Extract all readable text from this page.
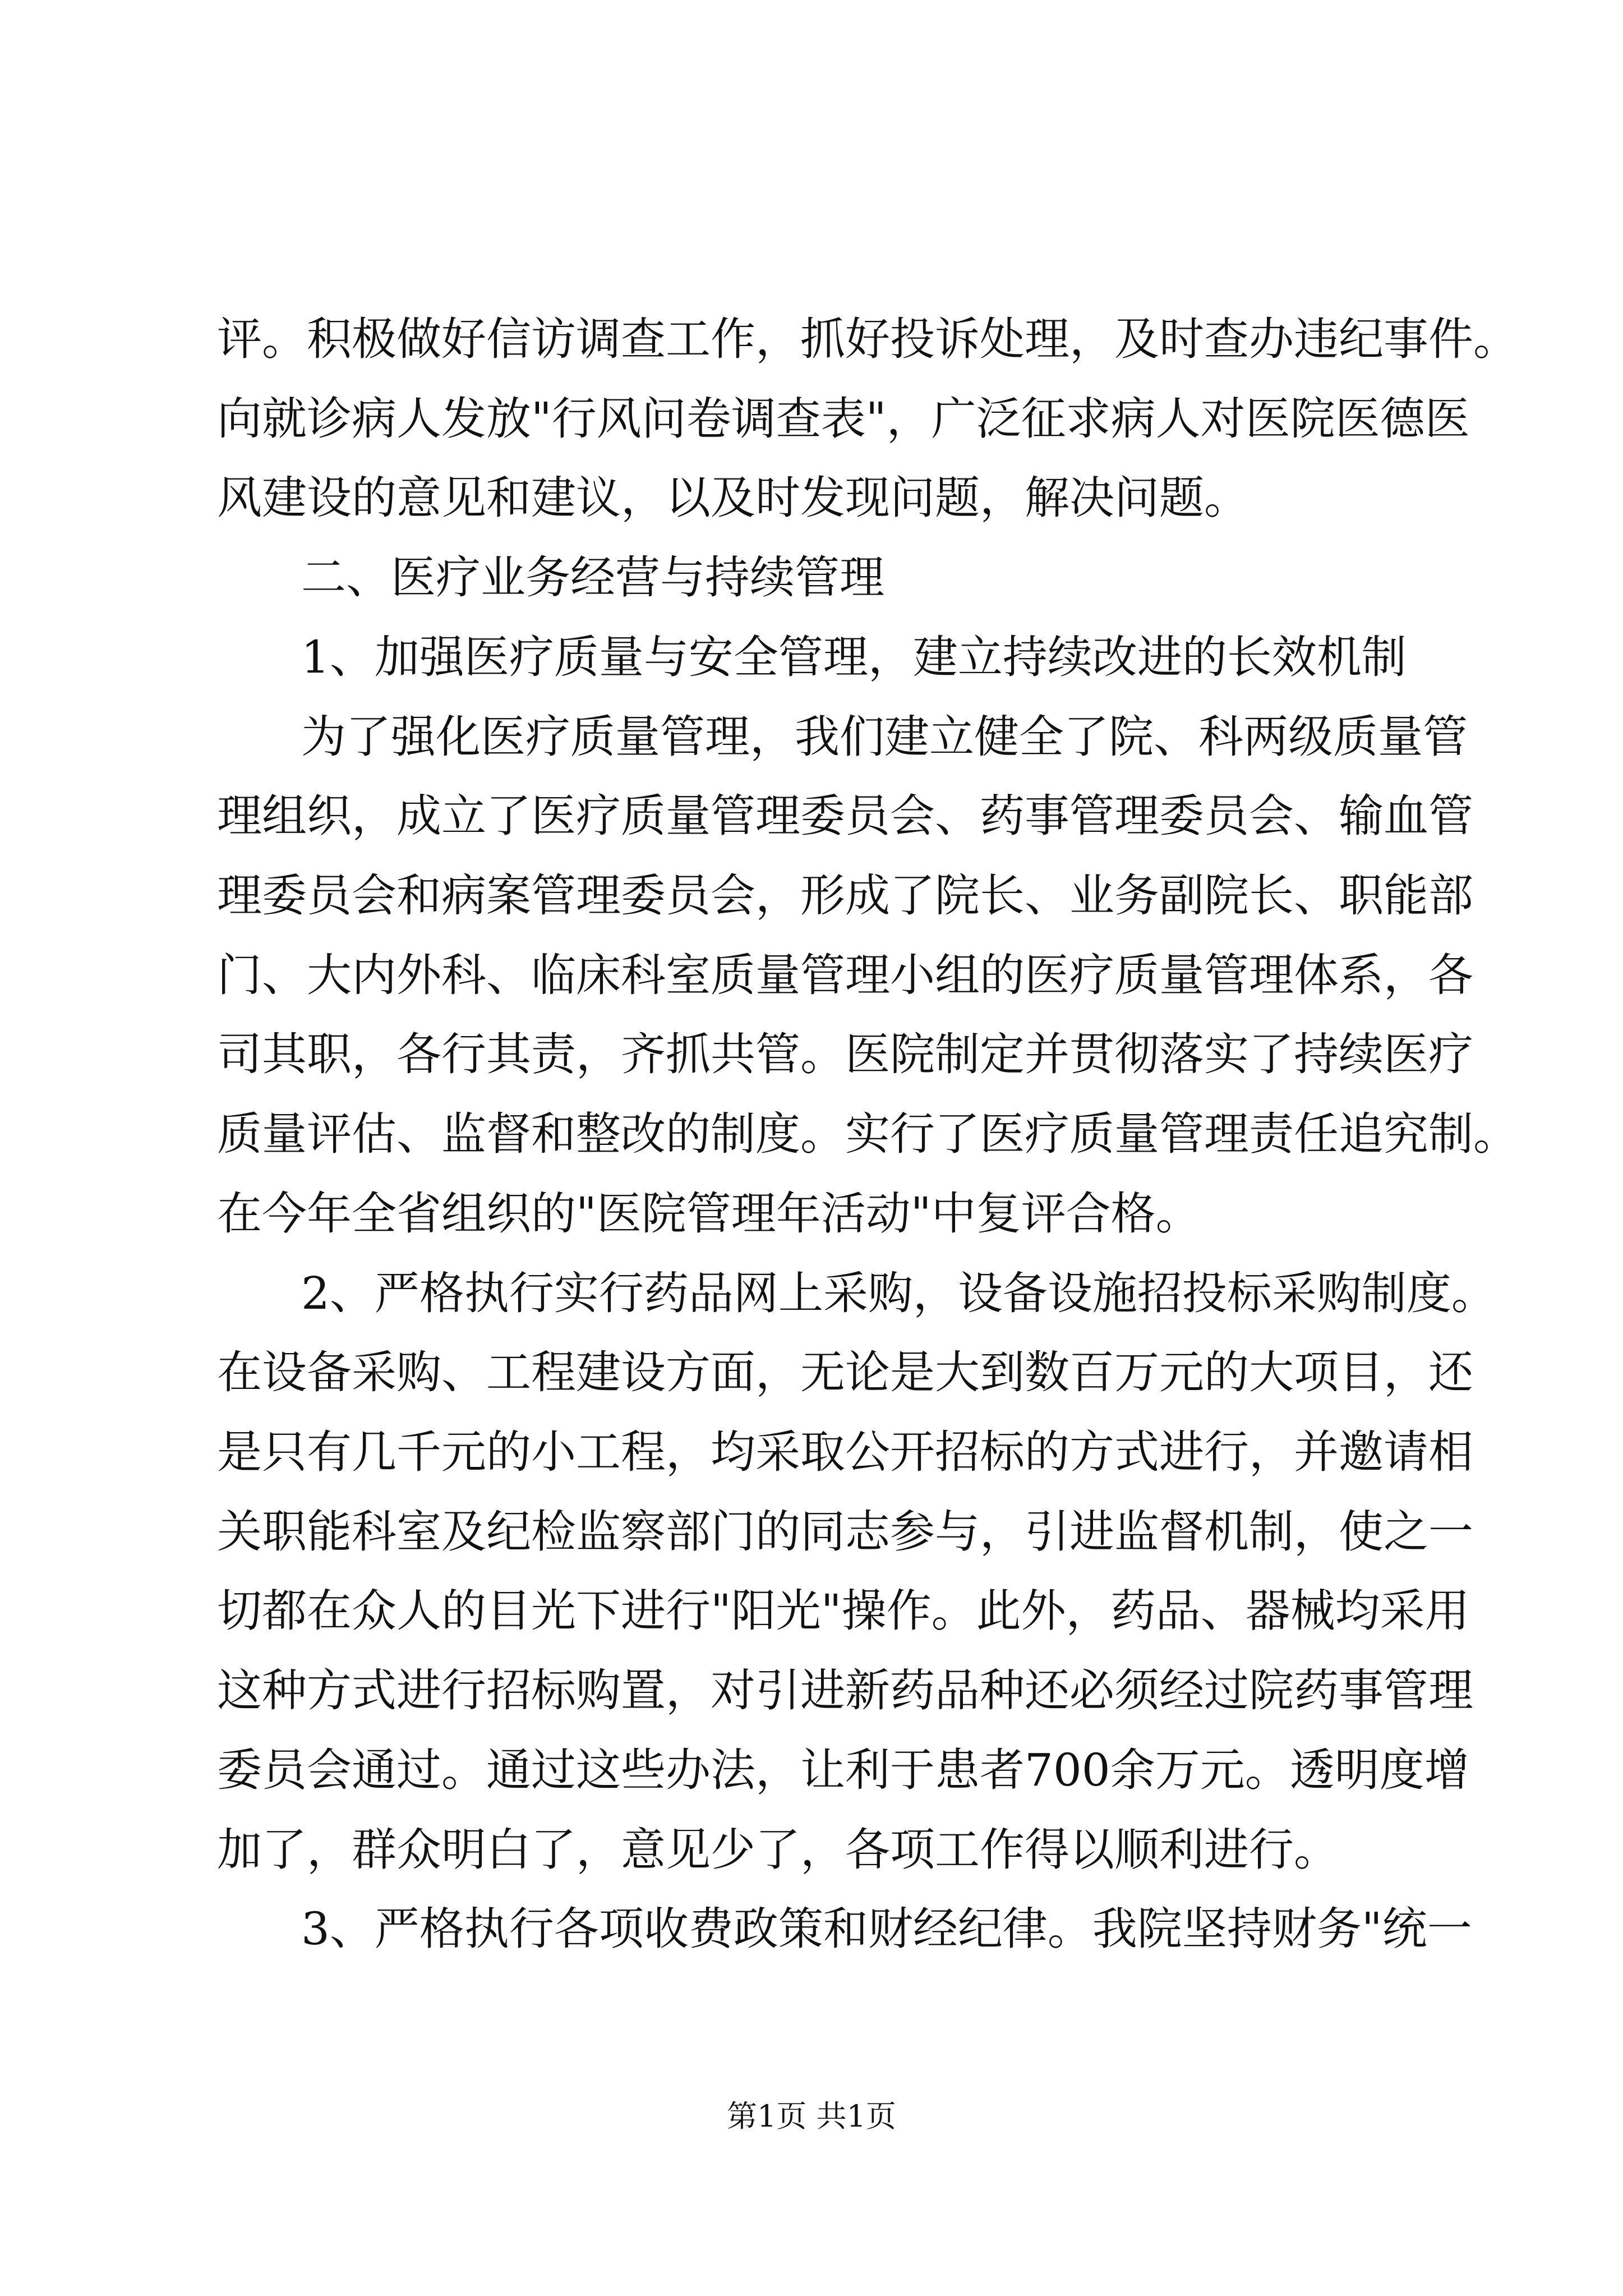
评。积极做好信访调查工作，抓好投诉处理，及时查办违纪事件。
向就诊病人发放"行风问卷调查表"，广泛征求病人对医院医德医
风建设的意见和建议，以及时发现问题，解决问题。
二、医疗业务经营与持续管理
1、加强医疗质量与安全管理，建立持续改进的长效机制
为了强化医疗质量管理，我们建立健全了院、科两级质量管
理组织，成立了医疗质量管理委员会、药事管理委员会、输血管
理委员会和病案管理委员会，形成了院长、业务副院长、职能部
门、大内外科、临床科室质量管理小组的医疗质量管理体系，各
司其职，各行其责，齐抓共管。医院制定并贯彻落实了持续医疗
质量评估、监督和整改的制度。实行了医疗质量管理责任追究制。
在今年全省组织的"医院管理年活动"中复评合格。
2、严格执行实行药品网上采购，设备设施招投标采购制度。
在设备采购、工程建设方面，无论是大到数百万元的大项目，还
是只有几千元的小工程，均采取公开招标的方式进行，并邀请相
关职能科室及纪检监察部门的同志参与，引进监督机制，使之一
切都在众人的目光下进行"阳光"操作。此外，药品、器械均采用
这种方式进行招标购置，对引进新药品种还必须经过院药事管理
委员会通过。通过这些办法，让利于患者700余万元。透明度增
加了，群众明白了，意见少了，各项工作得以顺利进行。
3、严格执行各项收费政策和财经纪律。我院坚持财务"统一
第1页 共1页
